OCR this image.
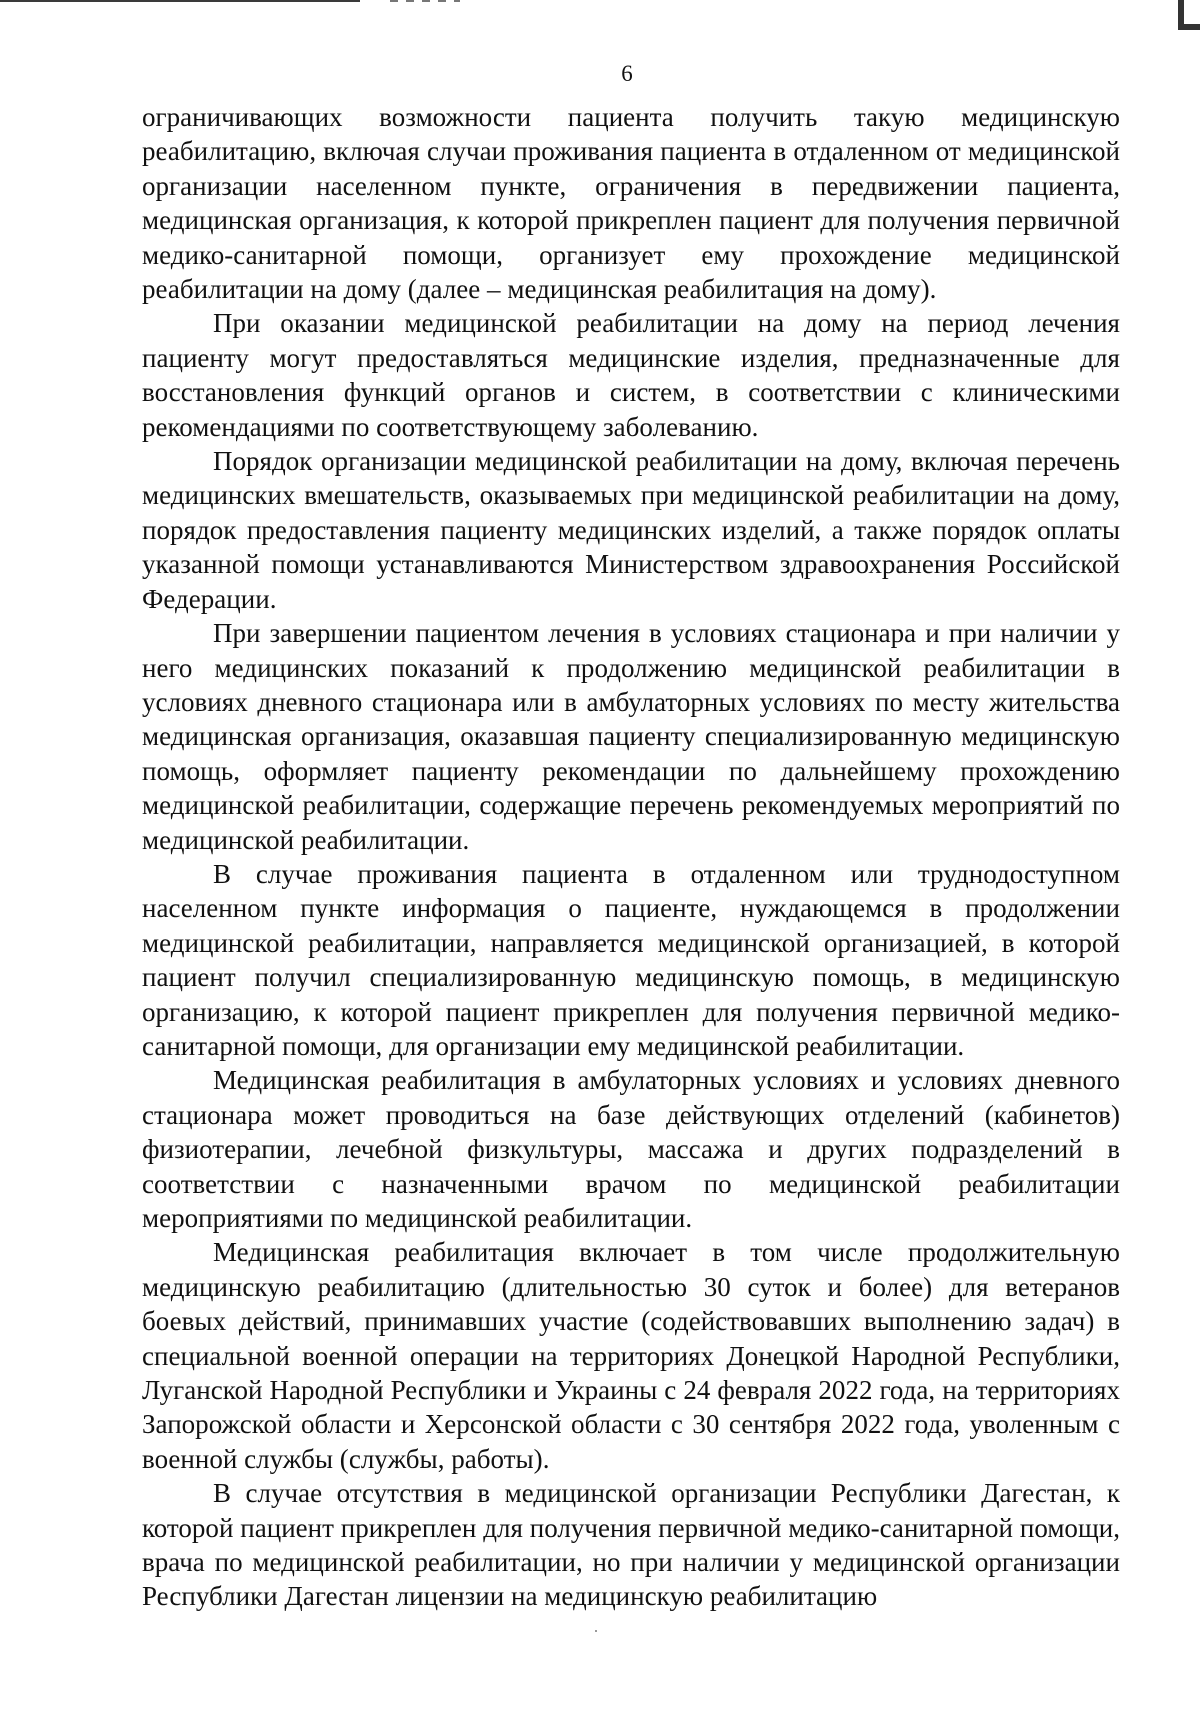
6

ограничивающих возможности пациента получить такую медицинскую реабилитацию, включая случаи проживания пациента в отдаленном от медицинской организации населенном пункте, ограничения в передвижении пациента, медицинская организация, к которой прикреплен пациент для получения первичной медико-санитарной помощи, организует ему прохождение медицинской реабилитации на дому (далее – медицинская реабилитация на дому).

При оказании медицинской реабилитации на дому на период лечения пациенту могут предоставляться медицинские изделия, предназначенные для восстановления функций органов и систем, в соответствии с клиническими рекомендациями по соответствующему заболеванию.

Порядок организации медицинской реабилитации на дому, включая перечень медицинских вмешательств, оказываемых при медицинской реабилитации на дому, порядок предоставления пациенту медицинских изделий, а также порядок оплаты указанной помощи устанавливаются Министерством здравоохранения Российской Федерации.

При завершении пациентом лечения в условиях стационара и при наличии у него медицинских показаний к продолжению медицинской реабилитации в условиях дневного стационара или в амбулаторных условиях по месту жительства медицинская организация, оказавшая пациенту специализированную медицинскую помощь, оформляет пациенту рекомендации по дальнейшему прохождению медицинской реабилитации, содержащие перечень рекомендуемых мероприятий по медицинской реабилитации.

В случае проживания пациента в отдаленном или труднодоступном населенном пункте информация о пациенте, нуждающемся в продолжении медицинской реабилитации, направляется медицинской организацией, в которой пациент получил специализированную медицинскую помощь, в медицинскую организацию, к которой пациент прикреплен для получения первичной медико-санитарной помощи, для организации ему медицинской реабилитации.

Медицинская реабилитация в амбулаторных условиях и условиях дневного стационара может проводиться на базе действующих отделений (кабинетов) физиотерапии, лечебной физкультуры, массажа и других подразделений в соответствии с назначенными врачом по медицинской реабилитации мероприятиями по медицинской реабилитации.

Медицинская реабилитация включает в том числе продолжительную медицинскую реабилитацию (длительностью 30 суток и более) для ветеранов боевых действий, принимавших участие (содействовавших выполнению задач) в специальной военной операции на территориях Донецкой Народной Республики, Луганской Народной Республики и Украины с 24 февраля 2022 года, на территориях Запорожской области и Херсонской области с 30 сентября 2022 года, уволенным с военной службы (службы, работы).

В случае отсутствия в медицинской организации Республики Дагестан, к которой пациент прикреплен для получения первичной медико-санитарной помощи, врача по медицинской реабилитации, но при наличии у медицинской организации Республики Дагестан лицензии на медицинскую реабилитацию
